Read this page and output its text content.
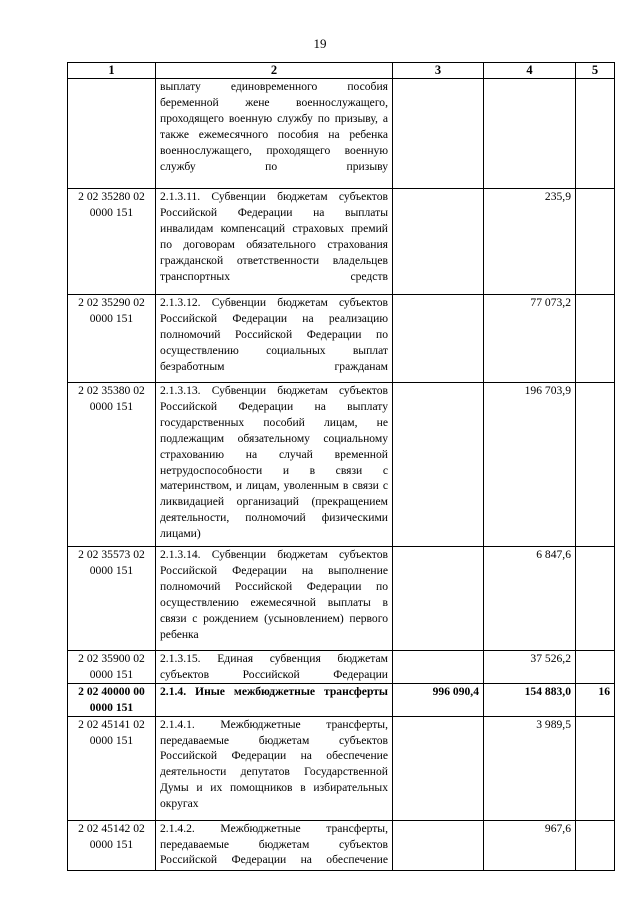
19
1	2	3	4	5
	выплату единовременного пособия беременной жене военнослужащего, проходящего военную службу по призыву, а также ежемесячного пособия на ребенка военнослужащего, проходящего военную службу по призыву			
2 02 35280 02 0000 151	2.1.3.11. Субвенции бюджетам субъектов Российской Федерации на выплаты инвалидам компенсаций страховых премий по договорам обязательного страхования гражданской ответственности владельцев транспортных средств		235,9	
2 02 35290 02 0000 151	2.1.3.12. Субвенции бюджетам субъектов Российской Федерации на реализацию полномочий Российской Федерации по осуществлению социальных выплат безработным гражданам		77 073,2	
2 02 35380 02 0000 151	2.1.3.13. Субвенции бюджетам субъектов Российской Федерации на выплату государственных пособий лицам, не подлежащим обязательному социальному страхованию на случай временной нетрудоспособности и в связи с материнством, и лицам, уволенным в связи с ликвидацией организаций (прекращением деятельности, полномочий физическими лицами)		196 703,9	
2 02 35573 02 0000 151	2.1.3.14. Субвенции бюджетам субъектов Российской Федерации на выполнение полномочий Российской Федерации по осуществлению ежемесячной выплаты в связи с рождением (усыновлением) первого ребенка		6 847,6	
2 02 35900 02 0000 151	2.1.3.15. Единая субвенция бюджетам субъектов Российской Федерации		37 526,2	
2 02 40000 00 0000 151	2.1.4. Иные межбюджетные трансферты	996 090,4	154 883,0	16
2 02 45141 02 0000 151	2.1.4.1. Межбюджетные трансферты, передаваемые бюджетам субъектов Российской Федерации на обеспечение деятельности депутатов Государственной Думы и их помощников в избирательных округах		3 989,5	
2 02 45142 02 0000 151	2.1.4.2. Межбюджетные трансферты, передаваемые бюджетам субъектов Российской Федерации на обеспечение		967,6	
